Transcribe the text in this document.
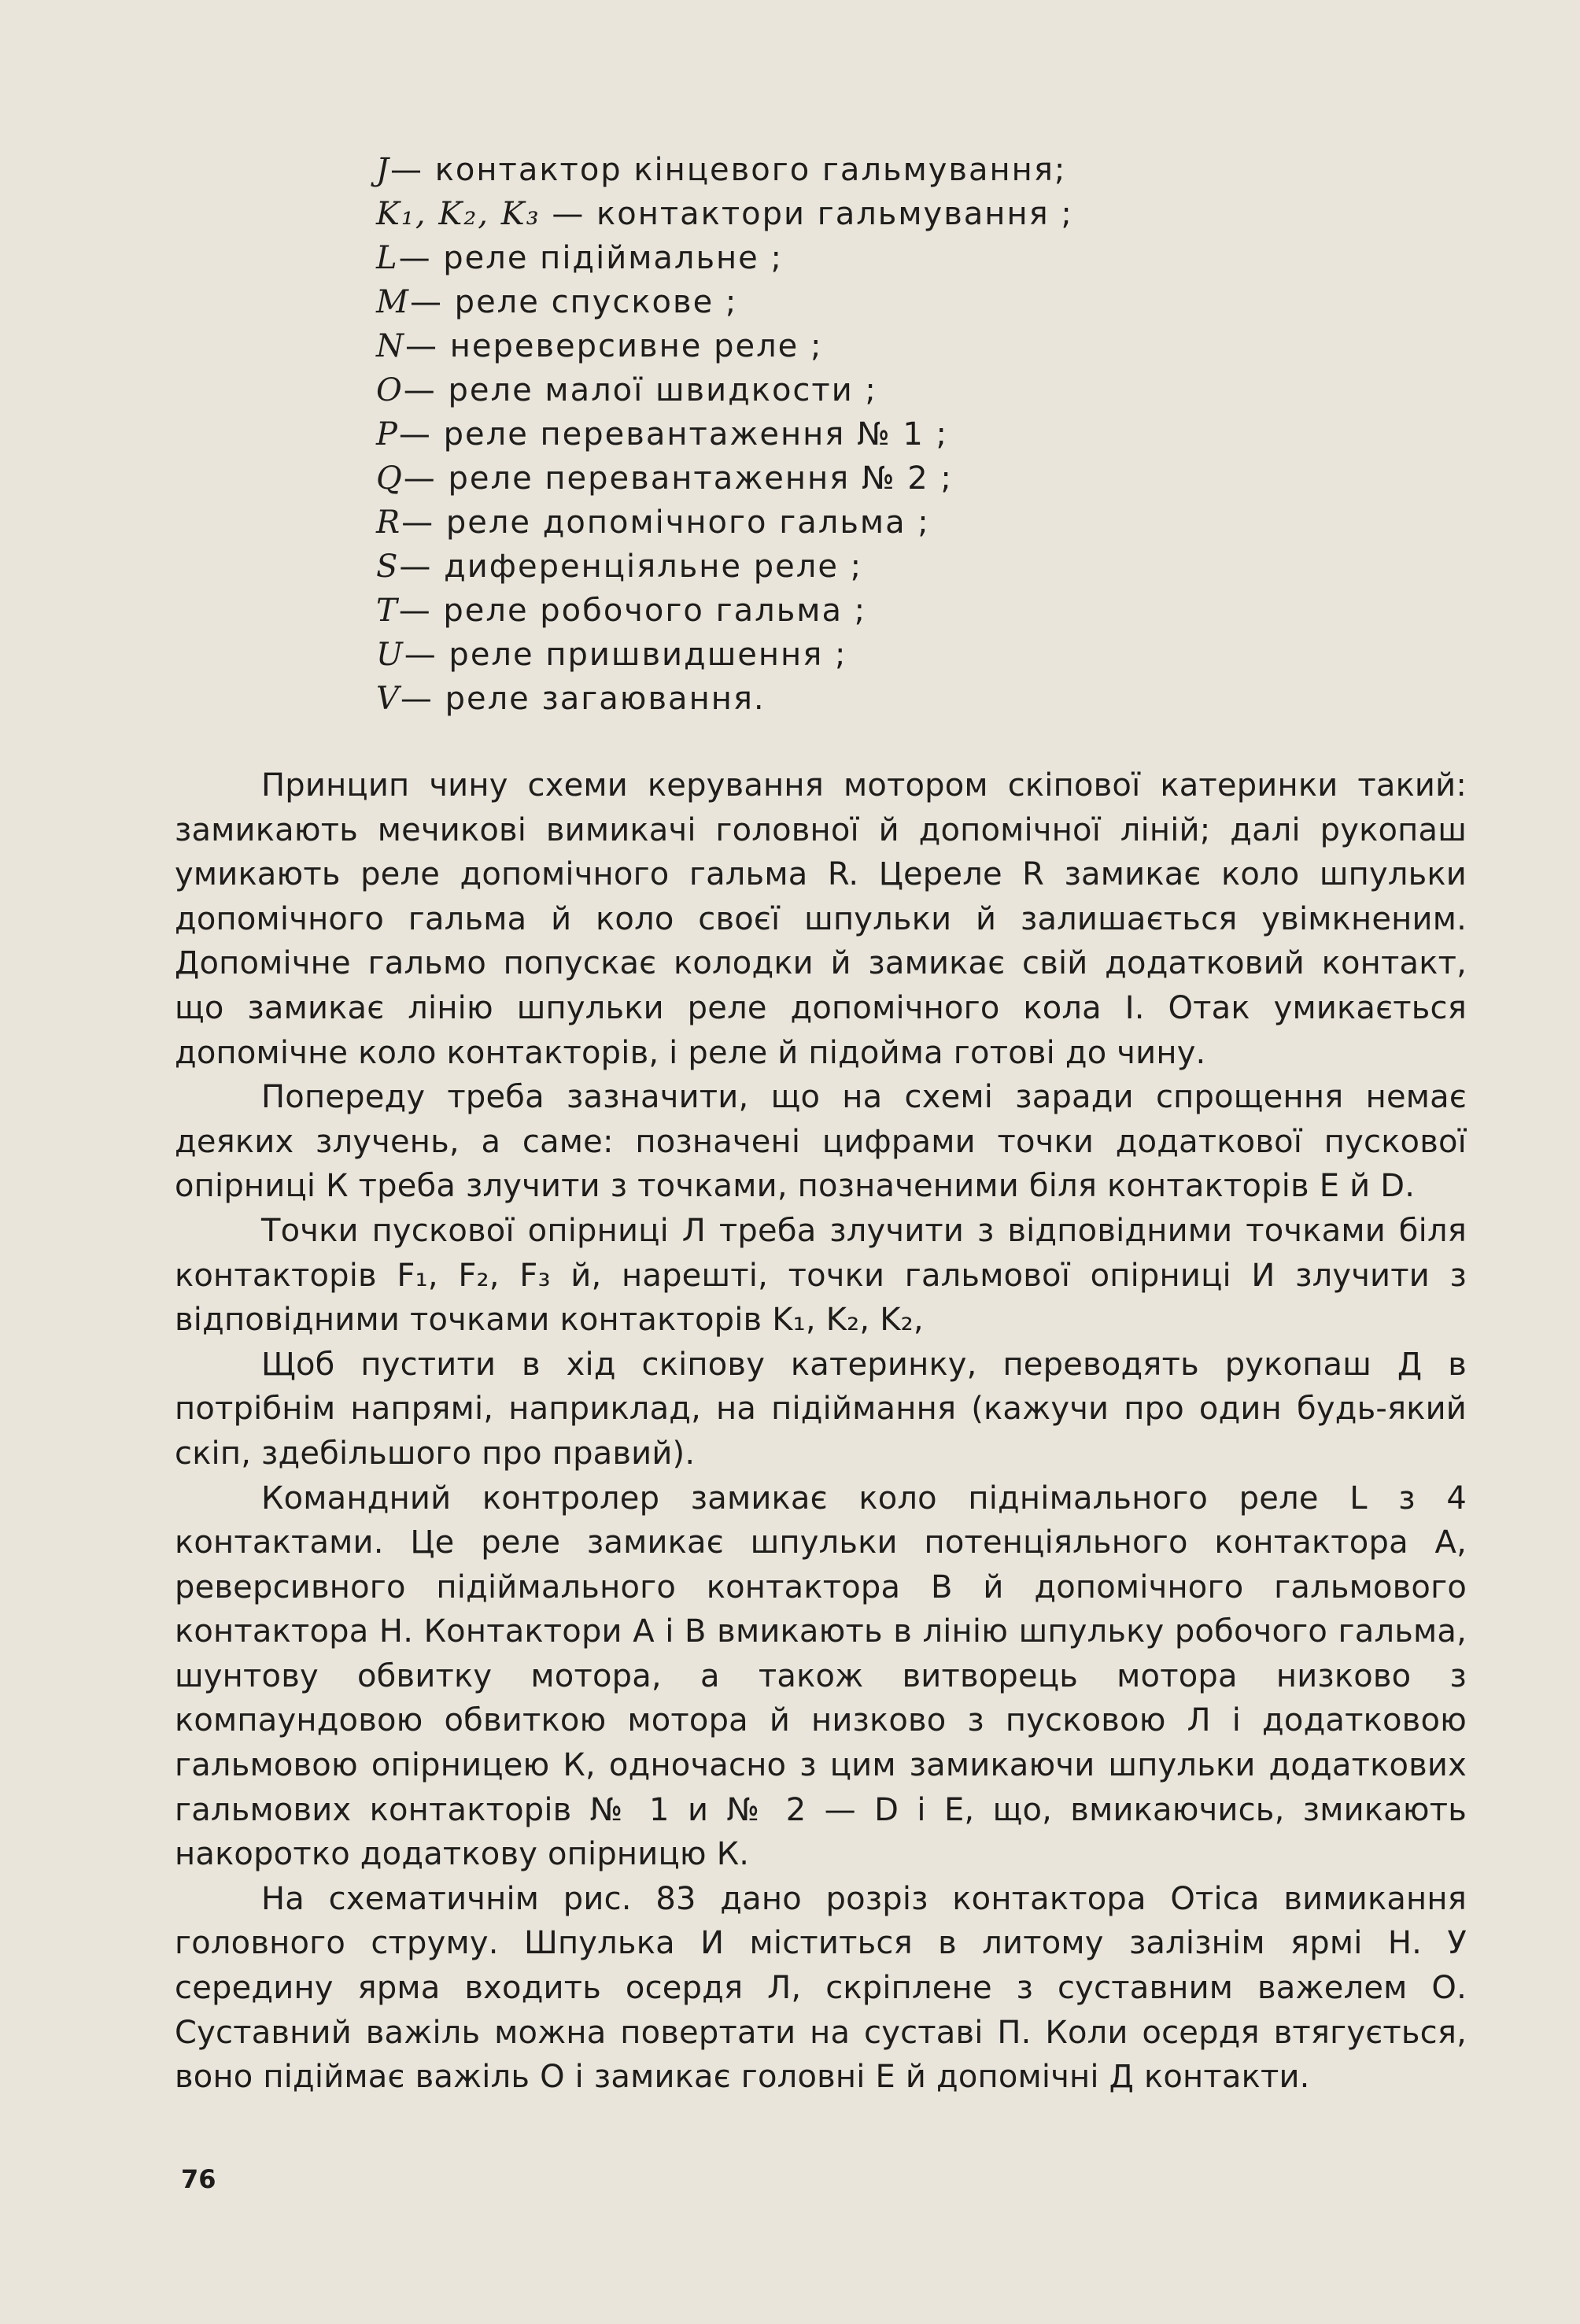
J— контактор кінцевого гальмування;
K₁, K₂, K₃ — контактори гальмування ;
L— реле підіймальне ;
M— реле спускове ;
N— нереверсивне реле ;
O— реле малої швидкости ;
P— реле перевантаження № 1 ;
Q— реле перевантаження № 2 ;
R— реле допомічного гальма ;
S— диференціяльне реле ;
T— реле робочого гальма ;
U— реле пришвидшення ;
V— реле загаювання.

Принцип чину схеми керування мотором скіпової катеринки такий: замикають мечикові вимикачі головної й допомічної ліній; далі рукопаш умикають реле допомічного гальма R. Цереле R замикає коло шпульки допомічного гальма й коло своєї шпульки й залишається увімкненим. Допомічне гальмо попускає колодки й замикає свій додатковий контакт, що замикає лінію шпульки реле допомічного кола I. Отак умикається допомічне коло контакторів, і реле й підойма готові до чину.

Попереду треба зазначити, що на схемі заради спрощення немає деяких злучень, а саме: позначені цифрами точки додаткової пускової опірниці К треба злучити з точками, позначеними біля контакторів Е й D.

Точки пускової опірниці Л треба злучити з відповідними точками біля контакторів F₁, F₂, F₃ й, нарешті, точки гальмової опірниці И злучити з відповідними точками контакторів K₁, K₂, K₂,

Щоб пустити в хід скіпову катеринку, переводять рукопаш Д в потрібнім напрямі, наприклад, на підіймання (кажучи про один будь-який скіп, здебільшого про правий).

Командний контролер замикає коло піднімального реле L з 4 контактами. Це реле замикає шпульки потенціяльного контактора А, реверсивного підіймального контактора В й допомічного гальмового контактора Н. Контактори А і В вмикають в лінію шпульку робочого гальма, шунтову обвитку мотора, а також витворець мотора низково з компаундовою обвиткою мотора й низково з пусковою Л і додатковою гальмовою опірницею К, одночасно з цим замикаючи шпульки додаткових гальмових контакторів № 1 и № 2 — D і Е, що, вмикаючись, змикають накоротко додаткову опірницю К.

На схематичнім рис. 83 дано розріз контактора Отіса вимикання головного струму. Шпулька И міститься в литому залізнім ярмі Н. У середину ярма входить осердя Л, скріплене з суставним важелем О. Суставний важіль можна повертати на суставі П. Коли осердя втягується, воно підіймає важіль О і замикає головні Е й допомічні Д контакти.

76
